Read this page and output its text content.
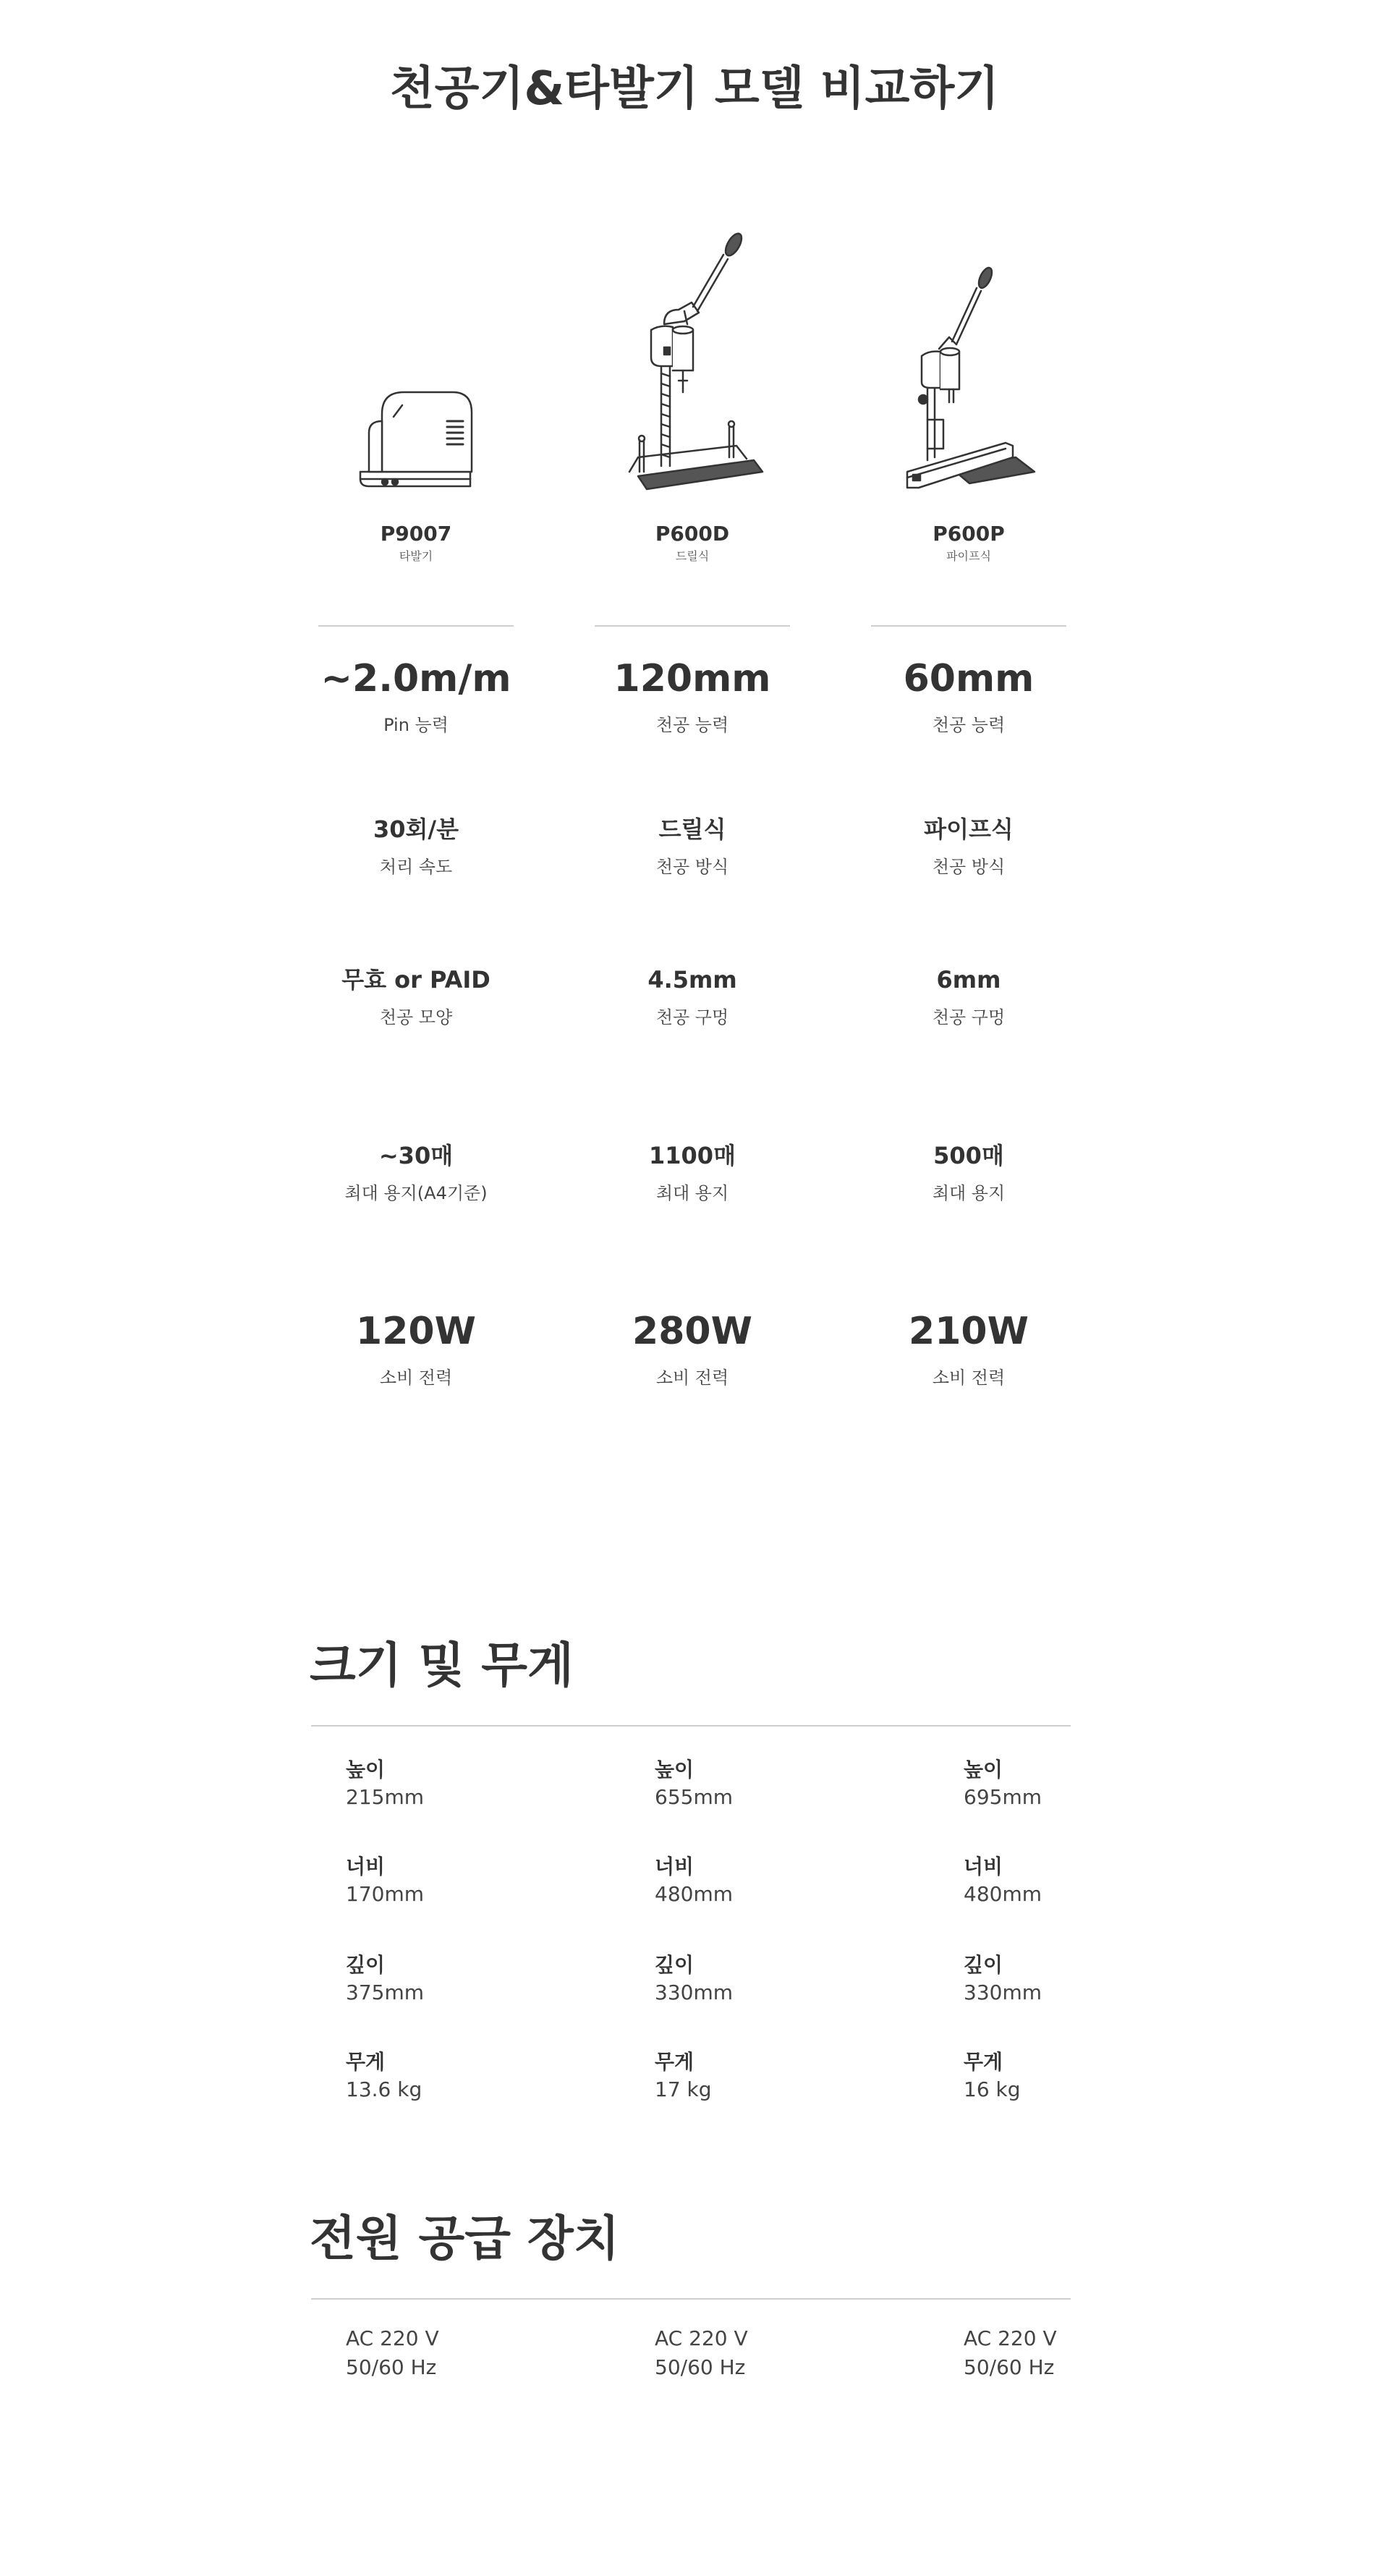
천공기&타발기 모델 비교하기
P9007
타발기
~2.0m/m
Pin 능력
30회/분
처리 속도
무효 or PAID
천공 모양
~30매
최대 용지(A4기준)
120W
소비 전력
P600D
드릴식
120mm
천공 능력
드릴식
천공 방식
4.5mm
천공 구멍
1100매
최대 용지
280W
소비 전력
P600P
파이프식
60mm
천공 능력
파이프식
천공 방식
6mm
천공 구멍
500매
최대 용지
210W
소비 전력
크기 및 무게
높이
215mm
너비
170mm
깊이
375mm
무게
13.6 kg
높이
655mm
너비
480mm
깊이
330mm
무게
17 kg
높이
695mm
너비
480mm
깊이
330mm
무게
16 kg
전원 공급 장치
AC 220 V
50/60 Hz
AC 220 V
50/60 Hz
AC 220 V
50/60 Hz
